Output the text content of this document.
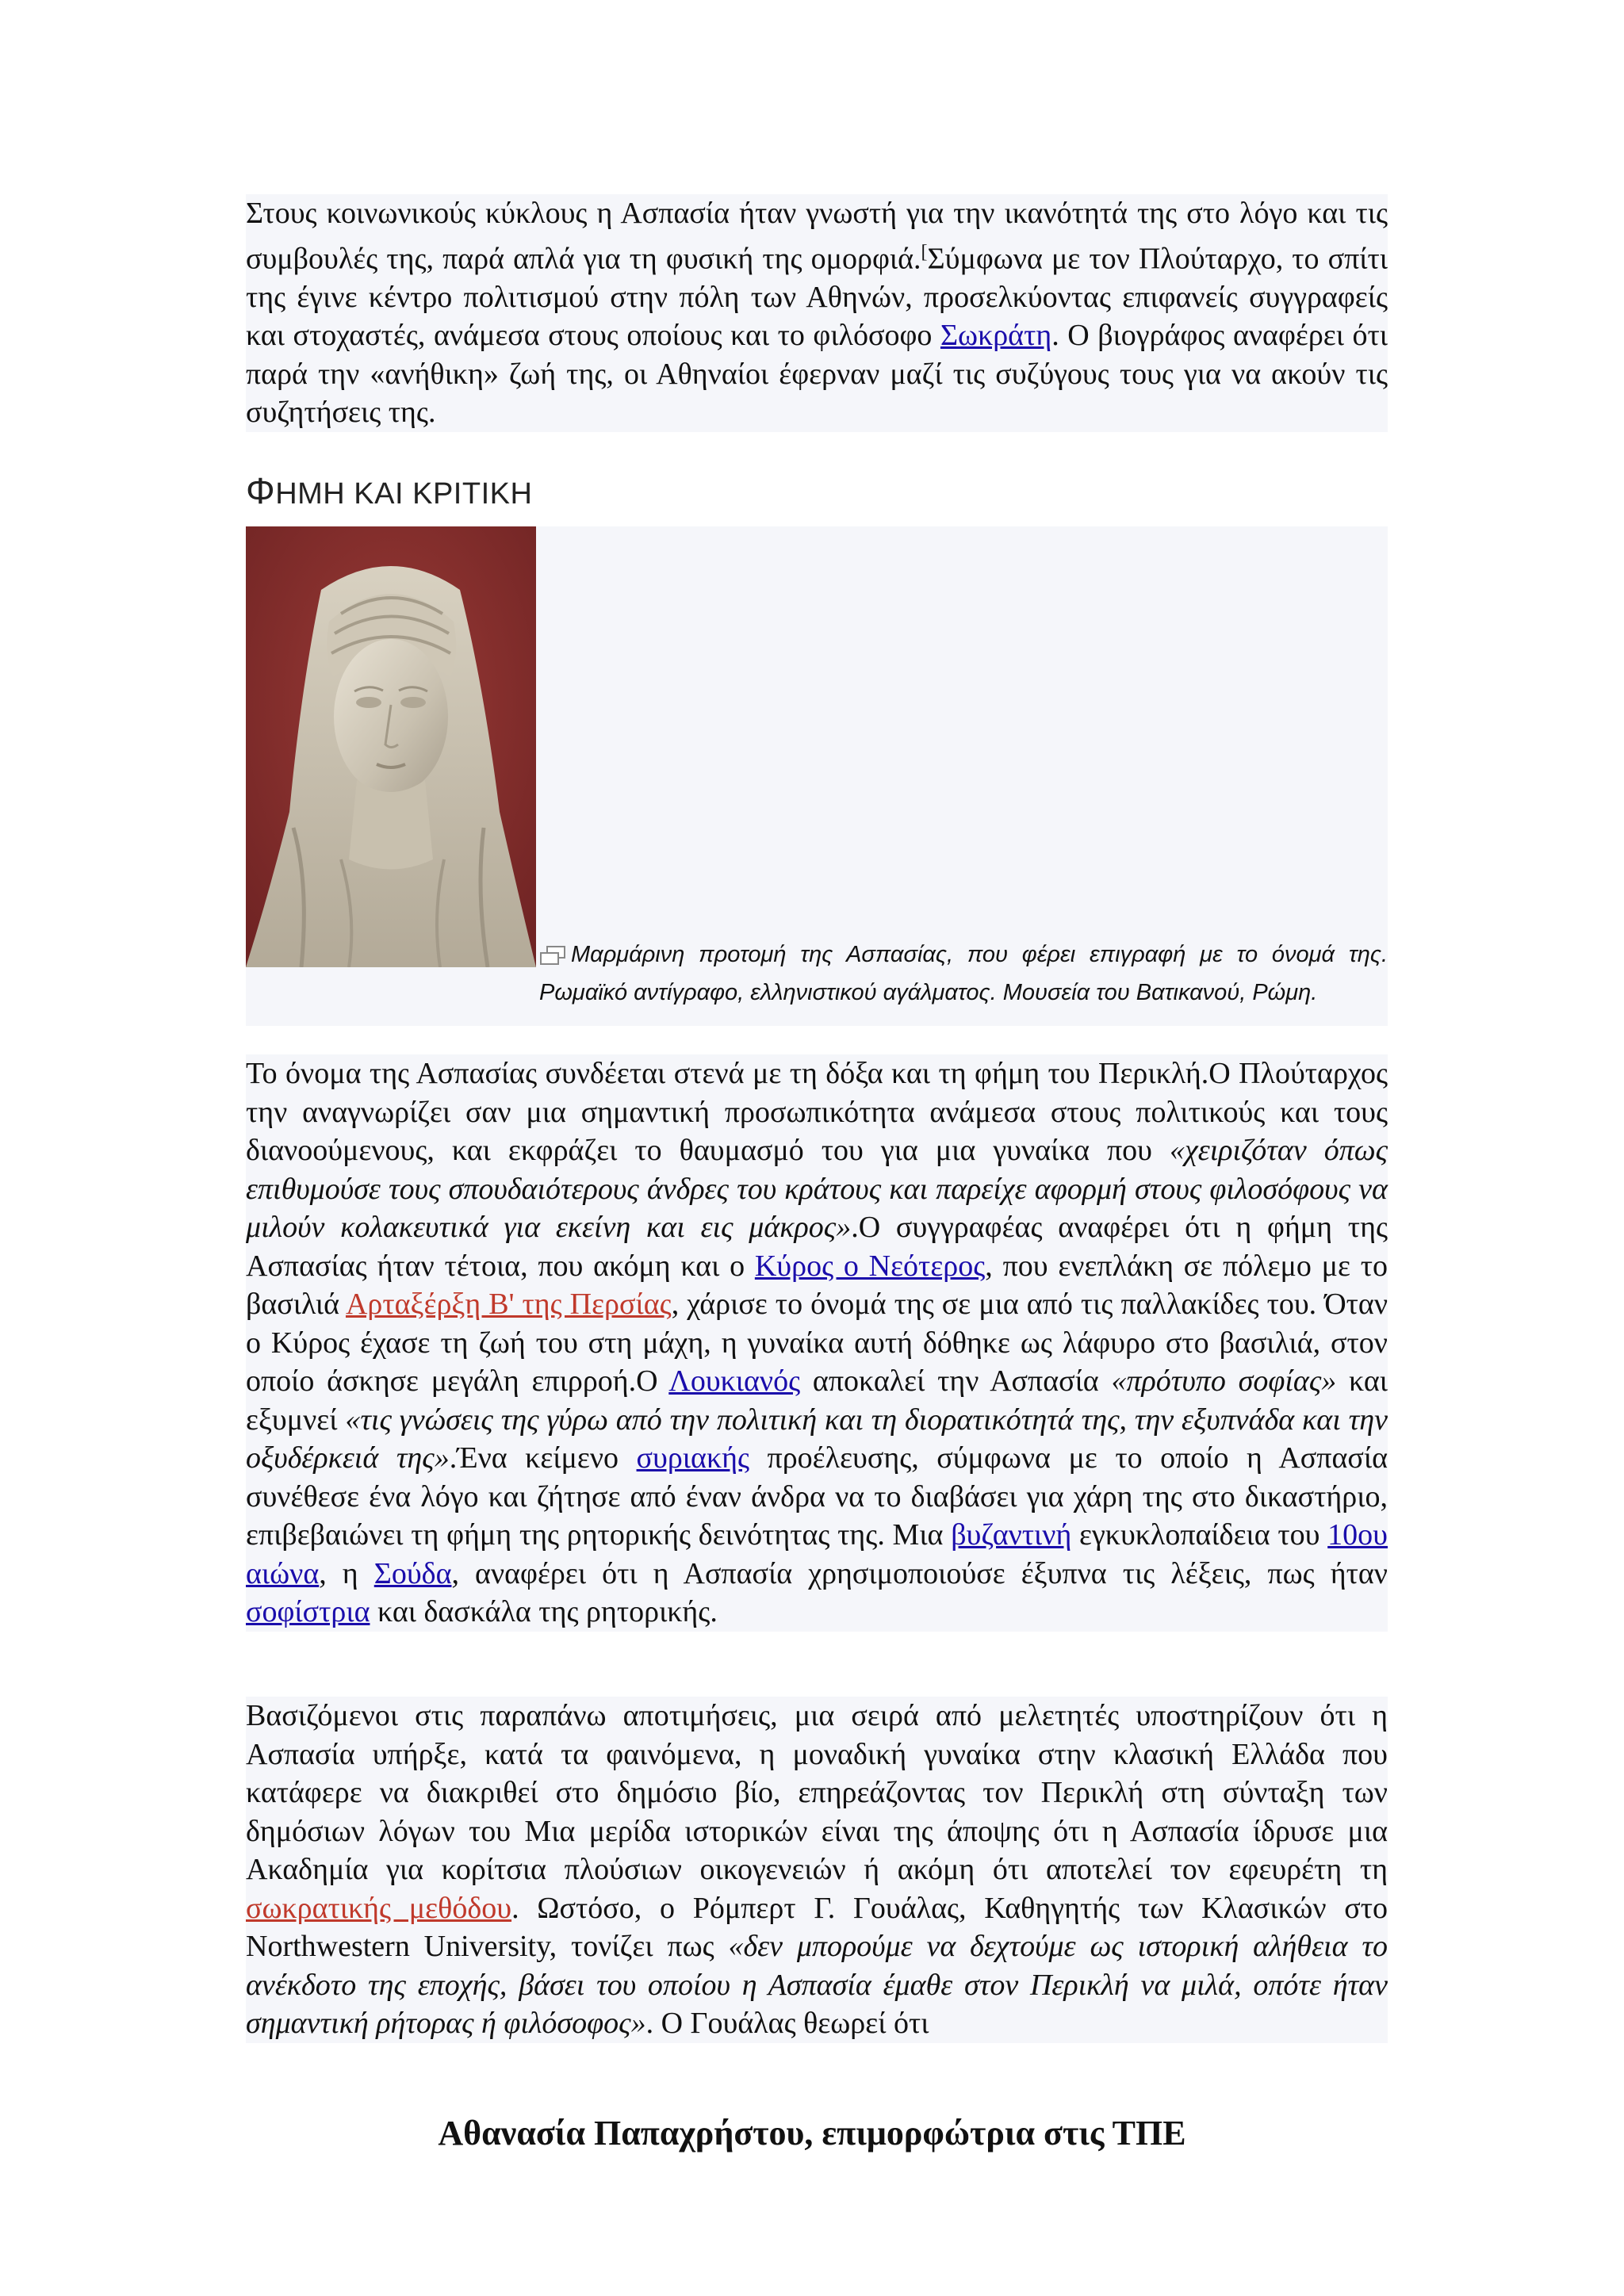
Στους κοινωνικούς κύκλους η Ασπασία ήταν γνωστή για την ικανότητά της στο λόγο και τις συμβουλές της, παρά απλά για τη φυσική της ομορφιά.[Σύμφωνα με τον Πλούταρχο, το σπίτι της έγινε κέντρο πολιτισμού στην πόλη των Αθηνών, προσελκύοντας επιφανείς συγγραφείς και στοχαστές, ανάμεσα στους οποίους και το φιλόσοφο Σωκράτη. Ο βιογράφος αναφέρει ότι παρά την «ανήθικη» ζωή της, οι Αθηναίοι έφερναν μαζί τις συζύγους τους για να ακούν τις συζητήσεις της.

ΦΗΜΗ ΚΑΙ ΚΡΙΤΙΚΗ
Μαρμάρινη προτομή της Ασπασίας, που φέρει επιγραφή με το όνομά της. Ρωμαϊκό αντίγραφο, ελληνιστικού αγάλματος. Μουσεία του Βατικανού, Ρώμη.

Το όνομα της Ασπασίας συνδέεται στενά με τη δόξα και τη φήμη του Περικλή.Ο Πλούταρχος την αναγνωρίζει σαν μια σημαντική προσωπικότητα ανάμεσα στους πολιτικούς και τους διανοούμενους, και εκφράζει το θαυμασμό του για μια γυναίκα που «χειριζόταν όπως επιθυμούσε τους σπουδαιότερους άνδρες του κράτους και παρείχε αφορμή στους φιλοσόφους να μιλούν κολακευτικά για εκείνη και εις μάκρος».Ο συγγραφέας αναφέρει ότι η φήμη της Ασπασίας ήταν τέτοια, που ακόμη και ο Κύρος ο Νεότερος, που ενεπλάκη σε πόλεμο με το βασιλιά Αρταξέρξη Β' της Περσίας, χάρισε το όνομά της σε μια από τις παλλακίδες του. Όταν ο Κύρος έχασε τη ζωή του στη μάχη, η γυναίκα αυτή δόθηκε ως λάφυρο στο βασιλιά, στον οποίο άσκησε μεγάλη επιρροή.Ο Λουκιανός αποκαλεί την Ασπασία «πρότυπο σοφίας» και εξυμνεί «τις γνώσεις της γύρω από την πολιτική και τη διορατικότητά της, την εξυπνάδα και την οξυδέρκειά της».Ένα κείμενο συριακής προέλευσης, σύμφωνα με το οποίο η Ασπασία συνέθεσε ένα λόγο και ζήτησε από έναν άνδρα να το διαβάσει για χάρη της στο δικαστήριο, επιβεβαιώνει τη φήμη της ρητορικής δεινότητας της. Μια βυζαντινή εγκυκλοπαίδεια του 10ου αιώνα, η Σούδα, αναφέρει ότι η Ασπασία χρησιμοποιούσε έξυπνα τις λέξεις, πως ήταν σοφίστρια και δασκάλα της ρητορικής.

Βασιζόμενοι στις παραπάνω αποτιμήσεις, μια σειρά από μελετητές υποστηρίζουν ότι η Ασπασία υπήρξε, κατά τα φαινόμενα, η μοναδική γυναίκα στην κλασική Ελλάδα που κατάφερε να διακριθεί στο δημόσιο βίο, επηρεάζοντας τον Περικλή στη σύνταξη των δημόσιων λόγων του Μια μερίδα ιστορικών είναι της άποψης ότι η Ασπασία ίδρυσε μια Ακαδημία για κορίτσια πλούσιων οικογενειών ή ακόμη ότι αποτελεί τον εφευρέτη τη σωκρατικής μεθόδου. Ωστόσο, ο Ρόμπερτ Γ. Γουάλας, Καθηγητής των Κλασικών στο Northwestern University, τονίζει πως «δεν μπορούμε να δεχτούμε ως ιστορική αλήθεια το ανέκδοτο της εποχής, βάσει του οποίου η Ασπασία έμαθε στον Περικλή να μιλά, οπότε ήταν σημαντική ρήτορας ή φιλόσοφος». Ο Γουάλας θεωρεί ότι

Αθανασία Παπαχρήστου, επιμορφώτρια στις ΤΠΕ
